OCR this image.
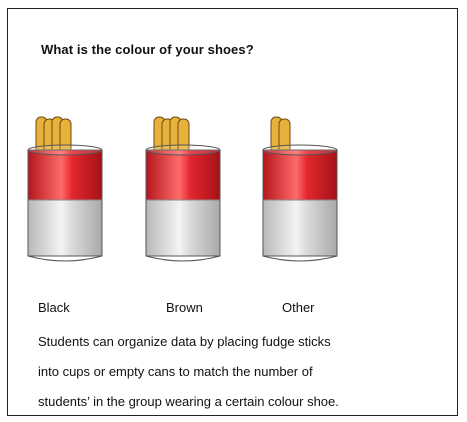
What is the colour of your shoes?
Black	Brown	Other
Students can organize data by placing fudge sticks
into cups or empty cans to match the number of
students’ in the group wearing a certain colour shoe.
